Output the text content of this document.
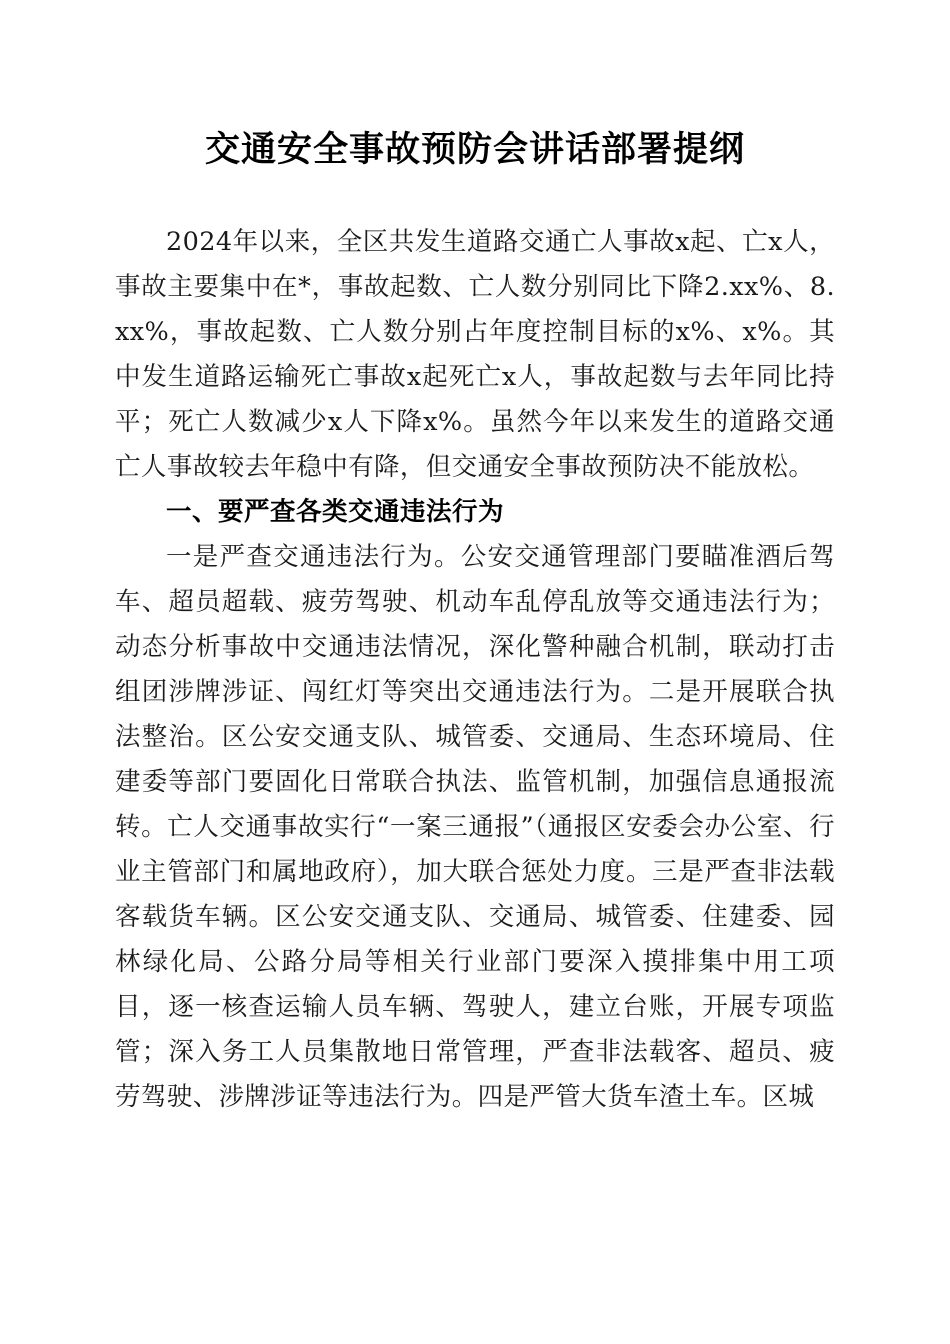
交通安全事故预防会讲话部署提纲

2024年以来，全区共发生道路交通亡人事故x起、亡x人，事故主要集中在*，事故起数、亡人数分别同比下降2.xx%、8.xx%，事故起数、亡人数分别占年度控制目标的x%、x%。其中发生道路运输死亡事故x起死亡x人，事故起数与去年同比持平；死亡人数减少x人下降x%。虽然今年以来发生的道路交通亡人事故较去年稳中有降，但交通安全事故预防决不能放松。

一、要严查各类交通违法行为

一是严查交通违法行为。公安交通管理部门要瞄准酒后驾车、超员超载、疲劳驾驶、机动车乱停乱放等交通违法行为；动态分析事故中交通违法情况，深化警种融合机制，联动打击组团涉牌涉证、闯红灯等突出交通违法行为。二是开展联合执法整治。区公安交通支队、城管委、交通局、生态环境局、住建委等部门要固化日常联合执法、监管机制，加强信息通报流转。亡人交通事故实行“一案三通报”（通报区安委会办公室、行业主管部门和属地政府），加大联合惩处力度。三是严查非法载客载货车辆。区公安交通支队、交通局、城管委、住建委、园林绿化局、公路分局等相关行业部门要深入摸排集中用工项目，逐一核查运输人员车辆、驾驶人，建立台账，开展专项监管；深入务工人员集散地日常管理，严查非法载客、超员、疲劳驾驶、涉牌涉证等违法行为。四是严管大货车渣土车。区城
